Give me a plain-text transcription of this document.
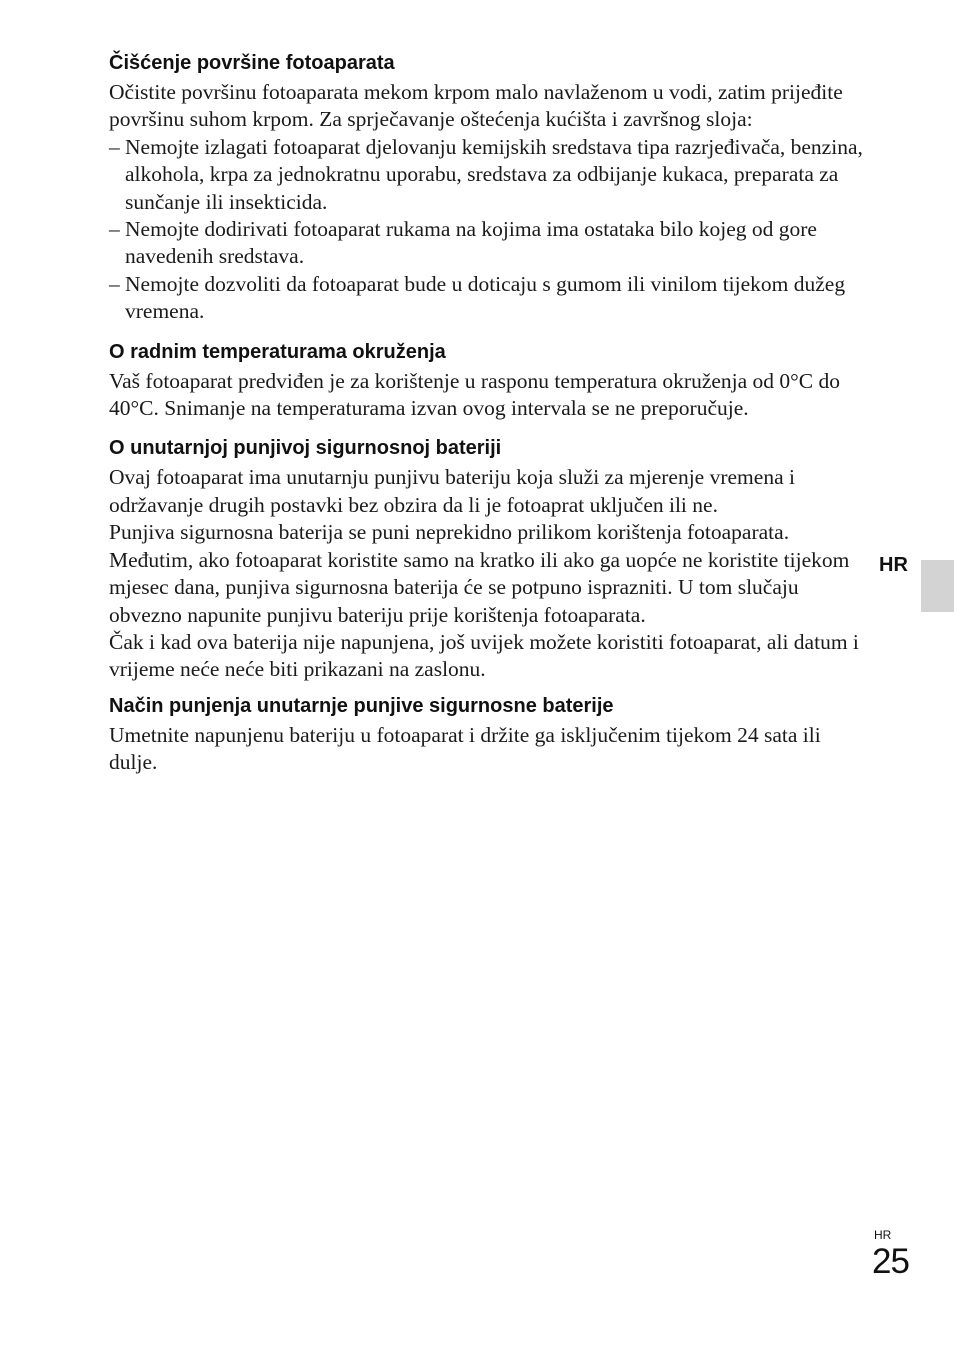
Čišćenje površine fotoaparata

Očistite površinu fotoaparata mekom krpom malo navlaženom u vodi, zatim prijeđite površinu suhom krpom. Za sprječavanje oštećenja kućišta i završnog sloja:

– Nemojte izlagati fotoaparat djelovanju kemijskih sredstava tipa razrjeđivača, benzina, alkohola, krpa za jednokratnu uporabu, sredstava za odbijanje kukaca, preparata za sunčanje ili insekticida.
– Nemojte dodirivati fotoaparat rukama na kojima ima ostataka bilo kojeg od gore navedenih sredstava.
– Nemojte dozvoliti da fotoaparat bude u doticaju s gumom ili vinilom tijekom dužeg vremena.
O radnim temperaturama okruženja

Vaš fotoaparat predviđen je za korištenje u rasponu temperatura okruženja od 0°C do 40°C. Snimanje na temperaturama izvan ovog intervala se ne preporučuje.

O unutarnjoj punjivoj sigurnosnoj bateriji

Ovaj fotoaparat ima unutarnju punjivu bateriju koja služi za mjerenje vremena i održavanje drugih postavki bez obzira da li je fotoaprat uključen ili ne.

Punjiva sigurnosna baterija se puni neprekidno prilikom korištenja fotoaparata. Međutim, ako fotoaparat koristite samo na kratko ili ako ga uopće ne koristite tijekom mjesec dana, punjiva sigurnosna baterija će se potpuno isprazniti. U tom slučaju obvezno napunite punjivu bateriju prije korištenja fotoaparata.

Čak i kad ova baterija nije napunjena, još uvijek možete koristiti fotoaparat, ali datum i vrijeme neće neće biti prikazani na zaslonu.

Način punjenja unutarnje punjive sigurnosne baterije

Umetnite napunjenu bateriju u fotoaparat i držite ga isključenim tijekom 24 sata ili dulje.

HR
HR
25
